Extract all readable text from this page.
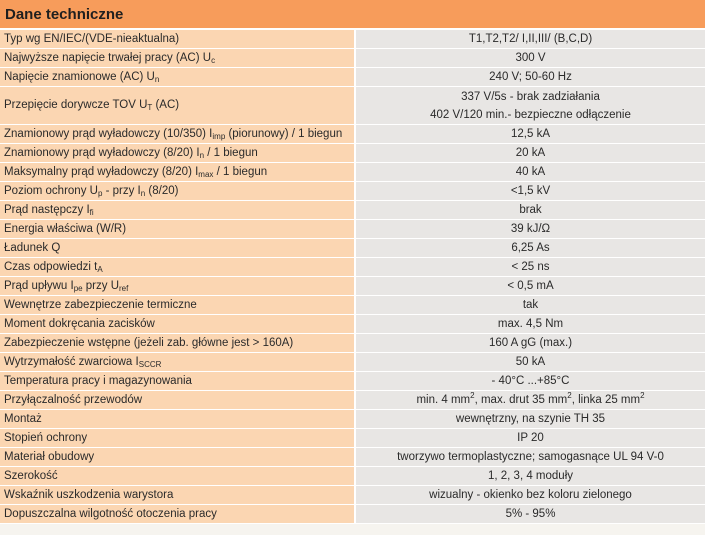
Dane techniczne
Typ wg EN/IEC/(VDE-nieaktualna)	T1,T2,T2/ I,II,III/ (B,C,D)
Najwyższe napięcie trwałej pracy (AC) $U_c$	300 V
Napięcie znamionowe (AC) $U_n$	240 V; 50-60 Hz
Przepięcie dorywcze TOV $U_T$ (AC)	337 V/5s - brak zadziałania
402 V/120 min.- bezpieczne odłączenie

Znamionowy prąd wyładowczy (10/350) $I_{imp}$ (piorunowy) / 1 biegun	12,5 kA
Znamionowy prąd wyładowczy (8/20) $I_n / 1$ biegun	20 kA
Maksymalny prąd wyładowczy (8/20) $I_{max} / 1$ biegun	40 kA
Poziom ochrony $U_p$ - przy $I_n$ (8/20)	<1,5 kV
Prąd następczy $I_{fi}$	brak
Energia właściwa (W/R)	39 kJ/Ω
Ładunek Q	6,25 As
Czas odpowiedzi $t_A$	< 25 ns
Prąd upływu $I_{pe}$ przy $U_{ref}$	< 0,5 mA
Wewnętrze zabezpieczenie termiczne	tak
Moment dokręcania zacisków	max. 4,5 Nm
Zabezpieczenie wstępne (jeżeli zab. główne jest > 160A)	160 A gG (max.)
Wytrzymałość zwarciowa $I_{SCCR}$	50 kA
Temperatura pracy i magazynowania	- 40°C ...+85°C
Przyłączalność przewodów	min. 4 $mm^2$, max. drut 35 $mm^2$, linka 25 $mm^2$
Montaż	wewnętrzny, na szynie TH 35
Stopień ochrony	IP 20
Materiał obudowy	tworzywo termoplastyczne; samogasnące UL 94 V-0
Szerokość	1, 2, 3, 4 moduły
Wskaźnik uszkodzenia warystora	wizualny - okienko bez koloru zielonego
Dopuszczalna wilgotność otoczenia pracy	5% - 95%
